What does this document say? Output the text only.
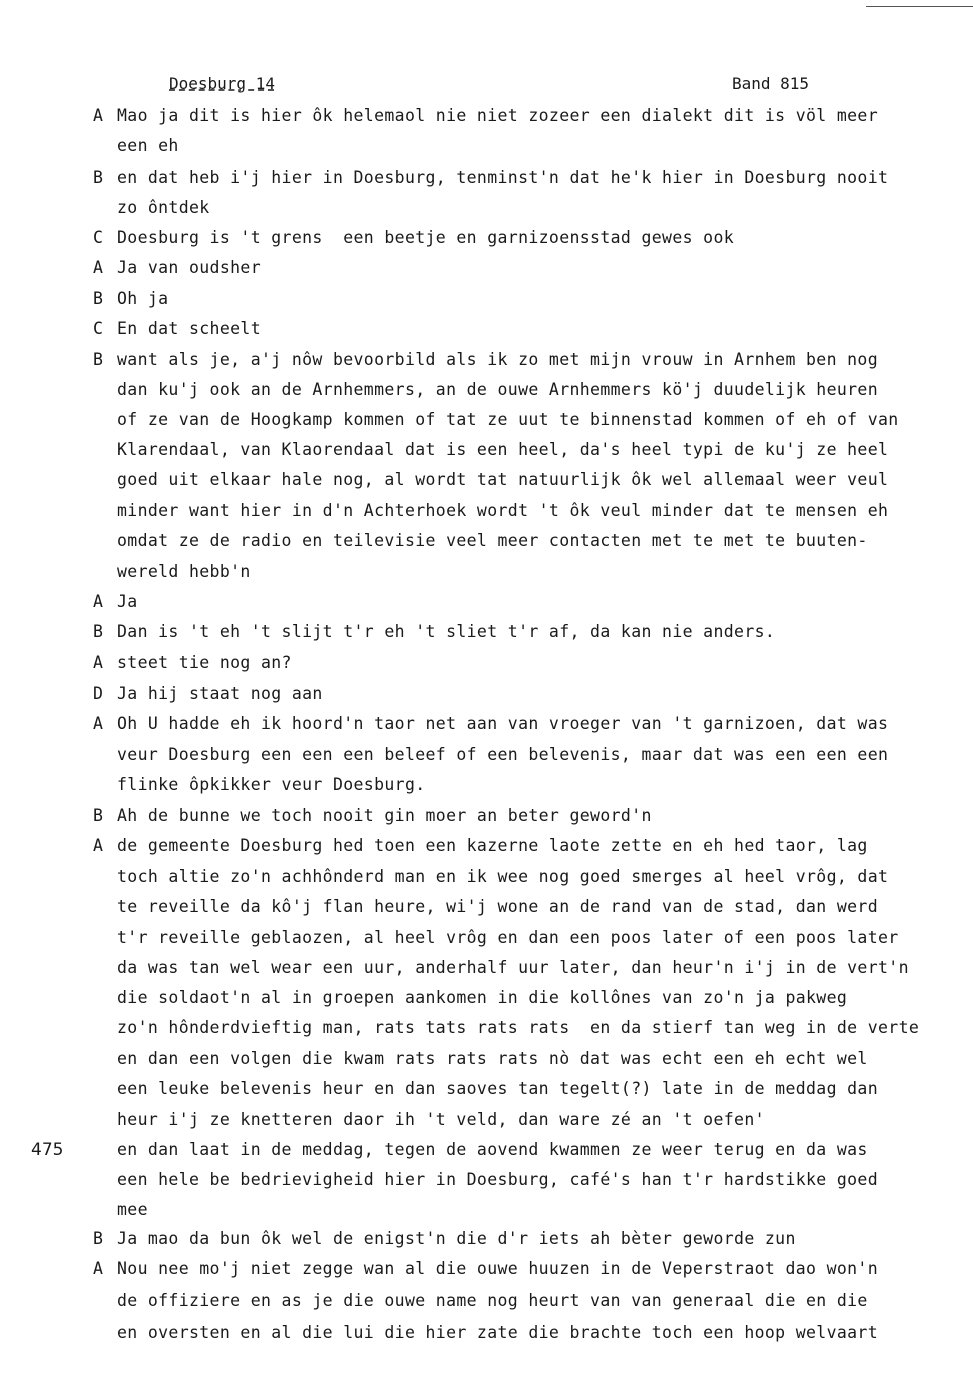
Doesburg 14	Band 815
475
A Mao ja dit is hier ôk helemaol nie niet zozeer een dialekt dit is völ meer
een eh
B en dat heb i'j hier in Doesburg, tenminst'n dat he'k hier in Doesburg nooit
zo ôntdek
C Doesburg is 't grens  een beetje en garnizoensstad gewes ook
A Ja van oudsher
B Oh ja
C En dat scheelt
B want als je, a'j nôw bevoorbild als ik zo met mijn vrouw in Arnhem ben nog
dan ku'j ook an de Arnhemmers, an de ouwe Arnhemmers kö'j duudelijk heuren
of ze van de Hoogkamp kommen of tat ze uut te binnenstad kommen of eh of van
Klarendaal, van Klaorendaal dat is een heel, da's heel typi de ku'j ze heel
goed uit elkaar hale nog, al wordt tat natuurlijk ôk wel allemaal weer veul
minder want hier in d'n Achterhoek wordt 't ôk veul minder dat te mensen eh
omdat ze de radio en teilevisie veel meer contacten met te met te buuten-
wereld hebb'n
A Ja
B Dan is 't eh 't slijt t'r eh 't sliet t'r af, da kan nie anders.
A steet tie nog an?
D Ja hij staat nog aan
A Oh U hadde eh ik hoord'n taor net aan van vroeger van 't garnizoen, dat was
veur Doesburg een een een beleef of een belevenis, maar dat was een een een
flinke ôpkikker veur Doesburg.
B Ah de bunne we toch nooit gin moer an beter geword'n
A de gemeente Doesburg hed toen een kazerne laote zette en eh hed taor, lag
toch altie zo'n achhônderd man en ik wee nog goed smerges al heel vrôg, dat
te reveille da kô'j flan heure, wi'j wone an de rand van de stad, dan werd
t'r reveille geblaozen, al heel vrôg en dan een poos later of een poos later
da was tan wel wear een uur, anderhalf uur later, dan heur'n i'j in de vert'n
die soldaot'n al in groepen aankomen in die kollônes van zo'n ja pakweg
zo'n hônderdvieftig man, rats tats rats rats  en da stierf tan weg in de verte
en dan een volgen die kwam rats rats rats nò dat was echt een eh echt wel
een leuke belevenis heur en dan saoves tan tegelt(?) late in de meddag dan
heur i'j ze knetteren daor ih 't veld, dan ware zé an 't oefen'
en dan laat in de meddag, tegen de aovend kwammen ze weer terug en da was
een hele be bedrievigheid hier in Doesburg, café's han t'r hardstikke goed
mee
B Ja mao da bun ôk wel de enigst'n die d'r iets ah bèter geworde zun
A Nou nee mo'j niet zegge wan al die ouwe huuzen in de Veperstraot dao won'n
de offiziere en as je die ouwe name nog heurt van van generaal die en die
en oversten en al die lui die hier zate die brachte toch een hoop welvaart
